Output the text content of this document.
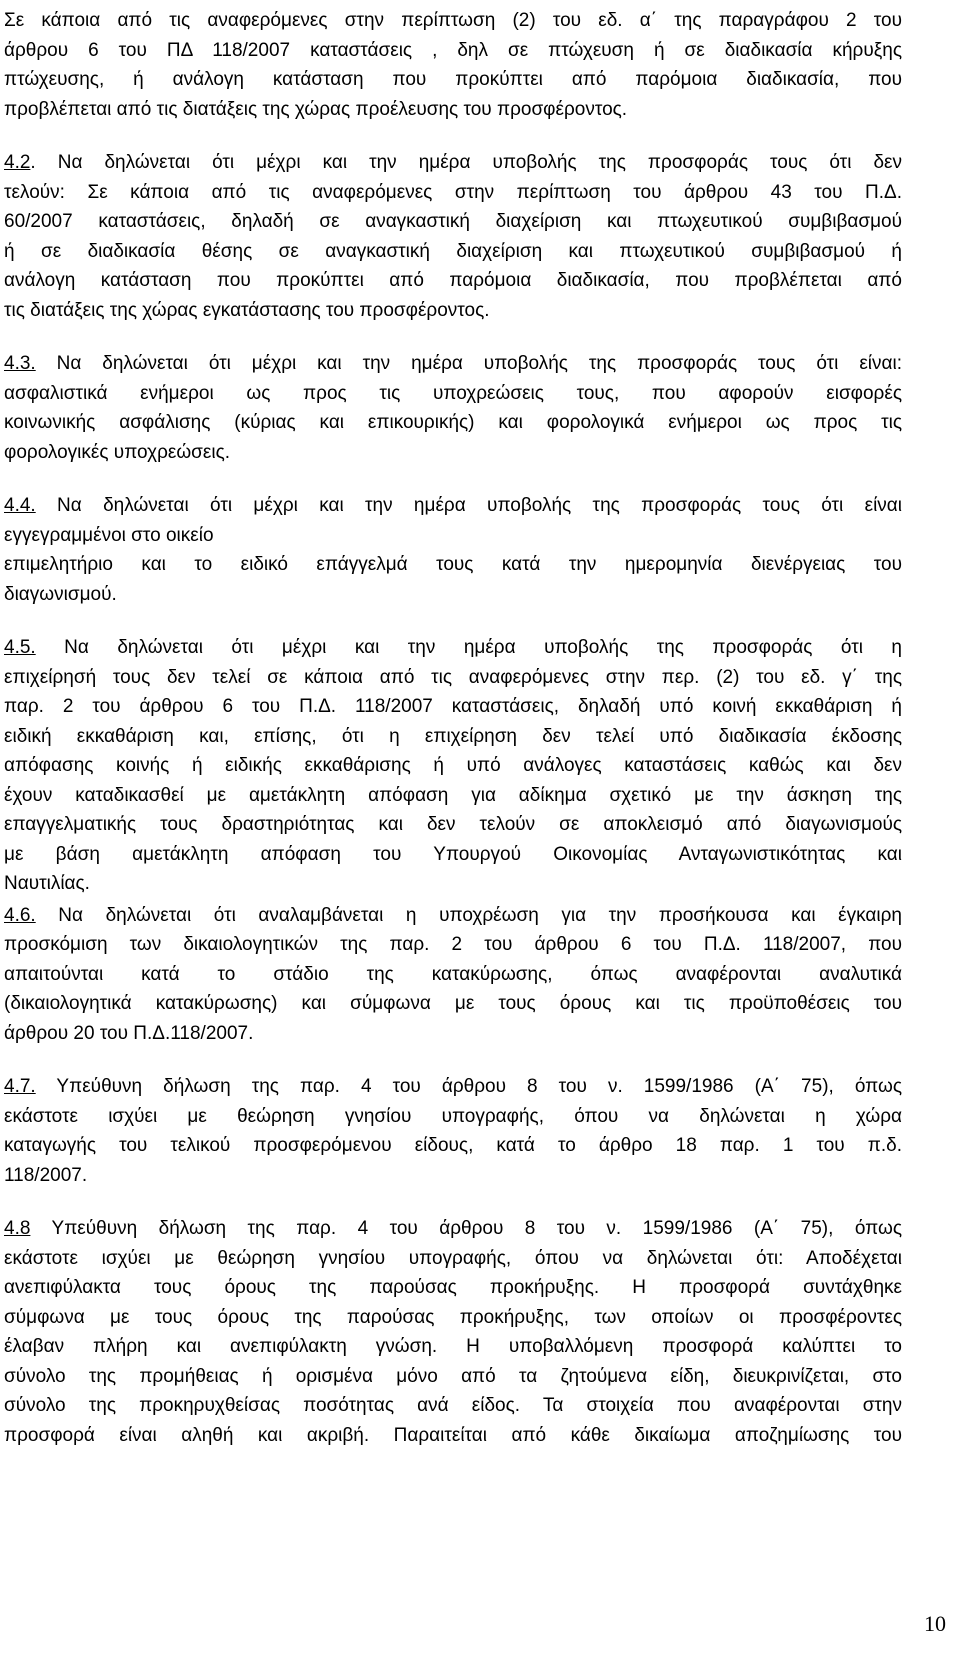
Σε κάποια από τις αναφερόμενες στην περίπτωση (2) του εδ. α΄ της παραγράφου 2 του
άρθρου 6 του ΠΔ 118/2007 καταστάσεις , δηλ σε πτώχευση ή σε διαδικασία κήρυξης
πτώχευσης, ή ανάλογη κατάσταση που προκύπτει από παρόμοια διαδικασία, που
προβλέπεται από τις διατάξεις της χώρας προέλευσης του προσφέροντος.

4.2. Να δηλώνεται ότι μέχρι και την ημέρα υποβολής της προσφοράς τους ότι δεν
τελούν: Σε κάποια από τις αναφερόμενες στην περίπτωση του άρθρου 43 του Π.Δ.
60/2007 καταστάσεις, δηλαδή σε αναγκαστική διαχείριση και πτωχευτικού συμβιβασμού
ή σε διαδικασία θέσης σε αναγκαστική διαχείριση και πτωχευτικού συμβιβασμού ή
ανάλογη κατάσταση που προκύπτει από παρόμοια διαδικασία, που προβλέπεται από
τις διατάξεις της χώρας εγκατάστασης του προσφέροντος.

4.3. Να δηλώνεται ότι μέχρι και την ημέρα υποβολής της προσφοράς τους ότι είναι:
ασφαλιστικά ενήμεροι ως προς τις υποχρεώσεις τους, που αφορούν εισφορές
κοινωνικής ασφάλισης (κύριας και επικουρικής) και φορολογικά ενήμεροι ως προς τις
φορολογικές υποχρεώσεις.

4.4. Να δηλώνεται ότι μέχρι και την ημέρα υποβολής της προσφοράς τους ότι είναι
εγγεγραμμένοι στο οικείο
επιμελητήριο και το ειδικό επάγγελμά τους κατά την ημερομηνία διενέργειας του
διαγωνισμού.

4.5. Να δηλώνεται ότι μέχρι και την ημέρα υποβολής της προσφοράς ότι η
επιχείρησή τους δεν τελεί σε κάποια από τις αναφερόμενες στην περ. (2) του εδ. γ΄ της
παρ. 2 του άρθρου 6 του Π.Δ. 118/2007 καταστάσεις, δηλαδή υπό κοινή εκκαθάριση ή
ειδική εκκαθάριση και, επίσης, ότι η επιχείρηση δεν τελεί υπό διαδικασία έκδοσης
απόφασης κοινής ή ειδικής εκκαθάρισης ή υπό ανάλογες καταστάσεις καθώς και δεν
έχουν καταδικασθεί με αμετάκλητη απόφαση για αδίκημα σχετικό με την άσκηση της
επαγγελματικής τους δραστηριότητας και δεν τελούν σε αποκλεισμό από διαγωνισμούς
με βάση αμετάκλητη απόφαση του Υπουργού Οικονομίας Ανταγωνιστικότητας και
Ναυτιλίας.

4.6. Να δηλώνεται ότι αναλαμβάνεται η υποχρέωση για την προσήκουσα και έγκαιρη
προσκόμιση των δικαιολογητικών της παρ. 2 του άρθρου 6 του Π.Δ. 118/2007, που
απαιτούνται κατά το στάδιο της κατακύρωσης, όπως αναφέρονται αναλυτικά
(δικαιολογητικά κατακύρωσης) και σύμφωνα με τους όρους και τις προϋποθέσεις του
άρθρου 20 του Π.Δ.118/2007.

4.7. Υπεύθυνη δήλωση της παρ. 4 του άρθρου 8 του ν. 1599/1986 (Α΄ 75), όπως
εκάστοτε ισχύει με θεώρηση γνησίου υπογραφής, όπου να δηλώνεται η χώρα
καταγωγής του τελικού προσφερόμενου είδους, κατά το άρθρο 18 παρ. 1 του π.δ.
118/2007.

4.8 Υπεύθυνη δήλωση της παρ. 4 του άρθρου 8 του ν. 1599/1986 (Α΄ 75), όπως
εκάστοτε ισχύει με θεώρηση γνησίου υπογραφής, όπου να δηλώνεται ότι: Αποδέχεται
ανεπιφύλακτα τους όρους της παρούσας προκήρυξης. Η προσφορά συντάχθηκε
σύμφωνα με τους όρους της παρούσας προκήρυξης, των οποίων οι προσφέροντες
έλαβαν πλήρη και ανεπιφύλακτη γνώση. Η υποβαλλόμενη προσφορά καλύπτει το
σύνολο της προμήθειας ή ορισμένα μόνο από τα ζητούμενα είδη, διευκρινίζεται, στο
σύνολο της προκηρυχθείσας ποσότητας ανά είδος. Τα στοιχεία που αναφέρονται στην
προσφορά είναι αληθή και ακριβή. Παραιτείται από κάθε δικαίωμα αποζημίωσης του

10
